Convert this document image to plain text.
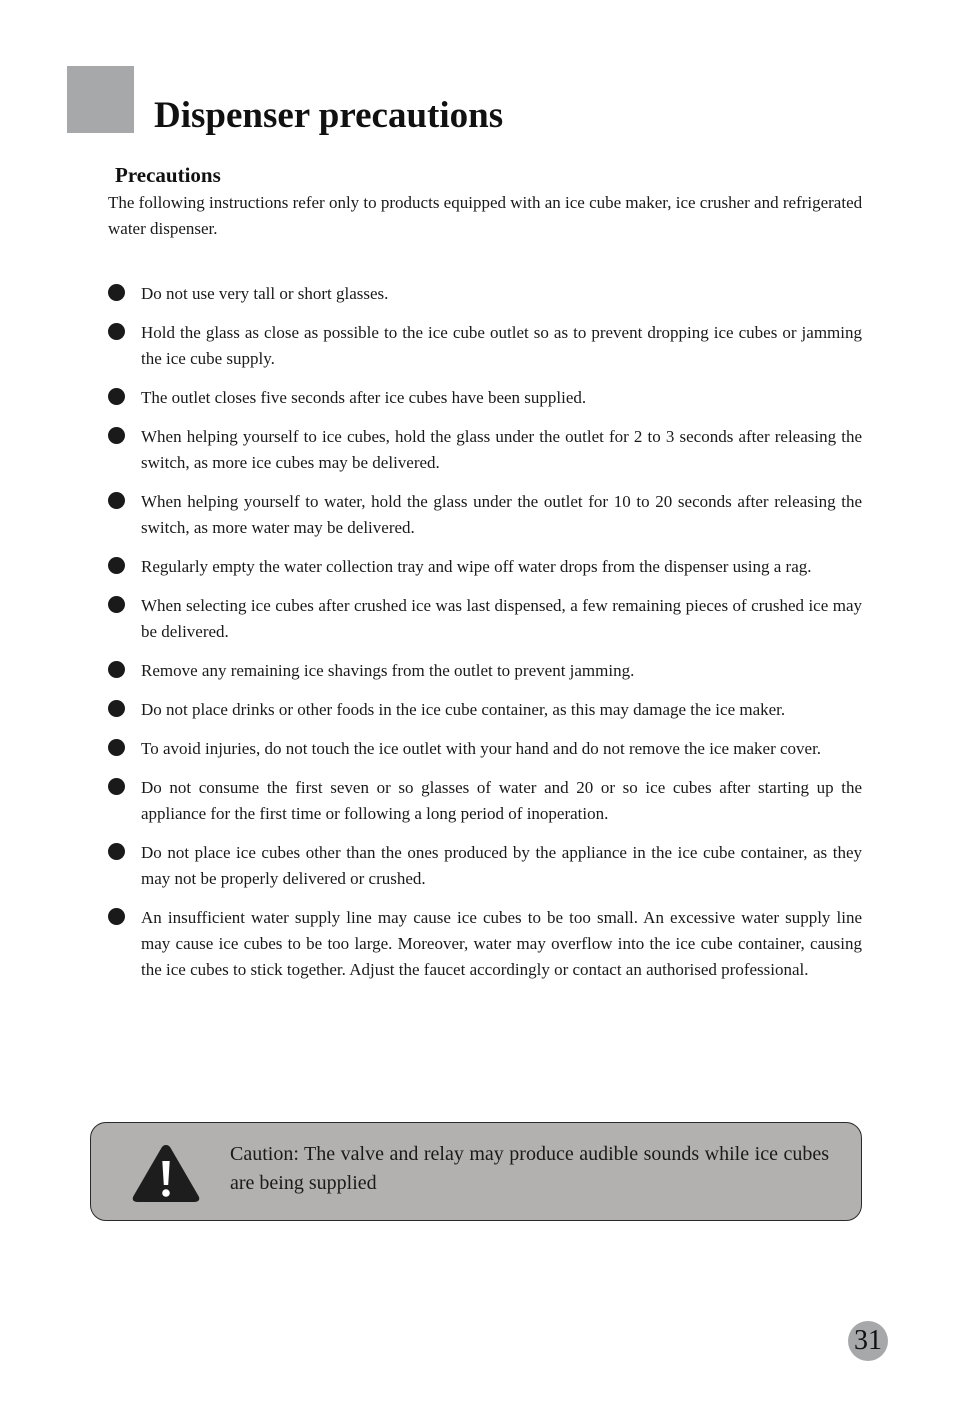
Dispenser precautions
Precautions

The following instructions refer only to products equipped with an ice cube maker, ice crusher and refrigerated water dispenser.

Do not use very tall or short glasses.
Hold the glass as close as possible to the ice cube outlet so as to prevent dropping ice cubes or jamming the ice cube supply.
The outlet closes five seconds after ice cubes have been supplied.
When helping yourself to ice cubes, hold the glass under the outlet for 2 to 3 seconds after releasing the switch, as more ice cubes may be delivered.
When helping yourself to water, hold the glass under the outlet for 10 to 20 seconds after releasing the switch, as more water may be delivered.
Regularly empty the water collection tray and wipe off water drops from the dispenser using a rag.
When selecting ice cubes after crushed ice was last dispensed, a few remaining pieces of crushed ice may be delivered.
Remove any remaining ice shavings from the outlet to prevent jamming.
Do not place drinks or other foods in the ice cube container, as this may damage the ice maker.
To avoid injuries, do not touch the ice outlet with your hand and do not remove the ice maker cover.
Do not consume the first seven or so glasses of water and 20 or so ice cubes after starting up the appliance for the first time or following a long period of inoperation.
Do not place ice cubes other than the ones produced by the appliance in the ice cube container, as they may not be properly delivered or crushed.
An insufficient water supply line may cause ice cubes to be too small. An excessive water supply line may cause ice cubes to be too large. Moreover, water may overflow into the ice cube container, causing the ice cubes to stick together. Adjust the faucet accordingly or contact an authorised professional.

Caution: The valve and relay may produce audible sounds while ice cubes are being supplied

31
